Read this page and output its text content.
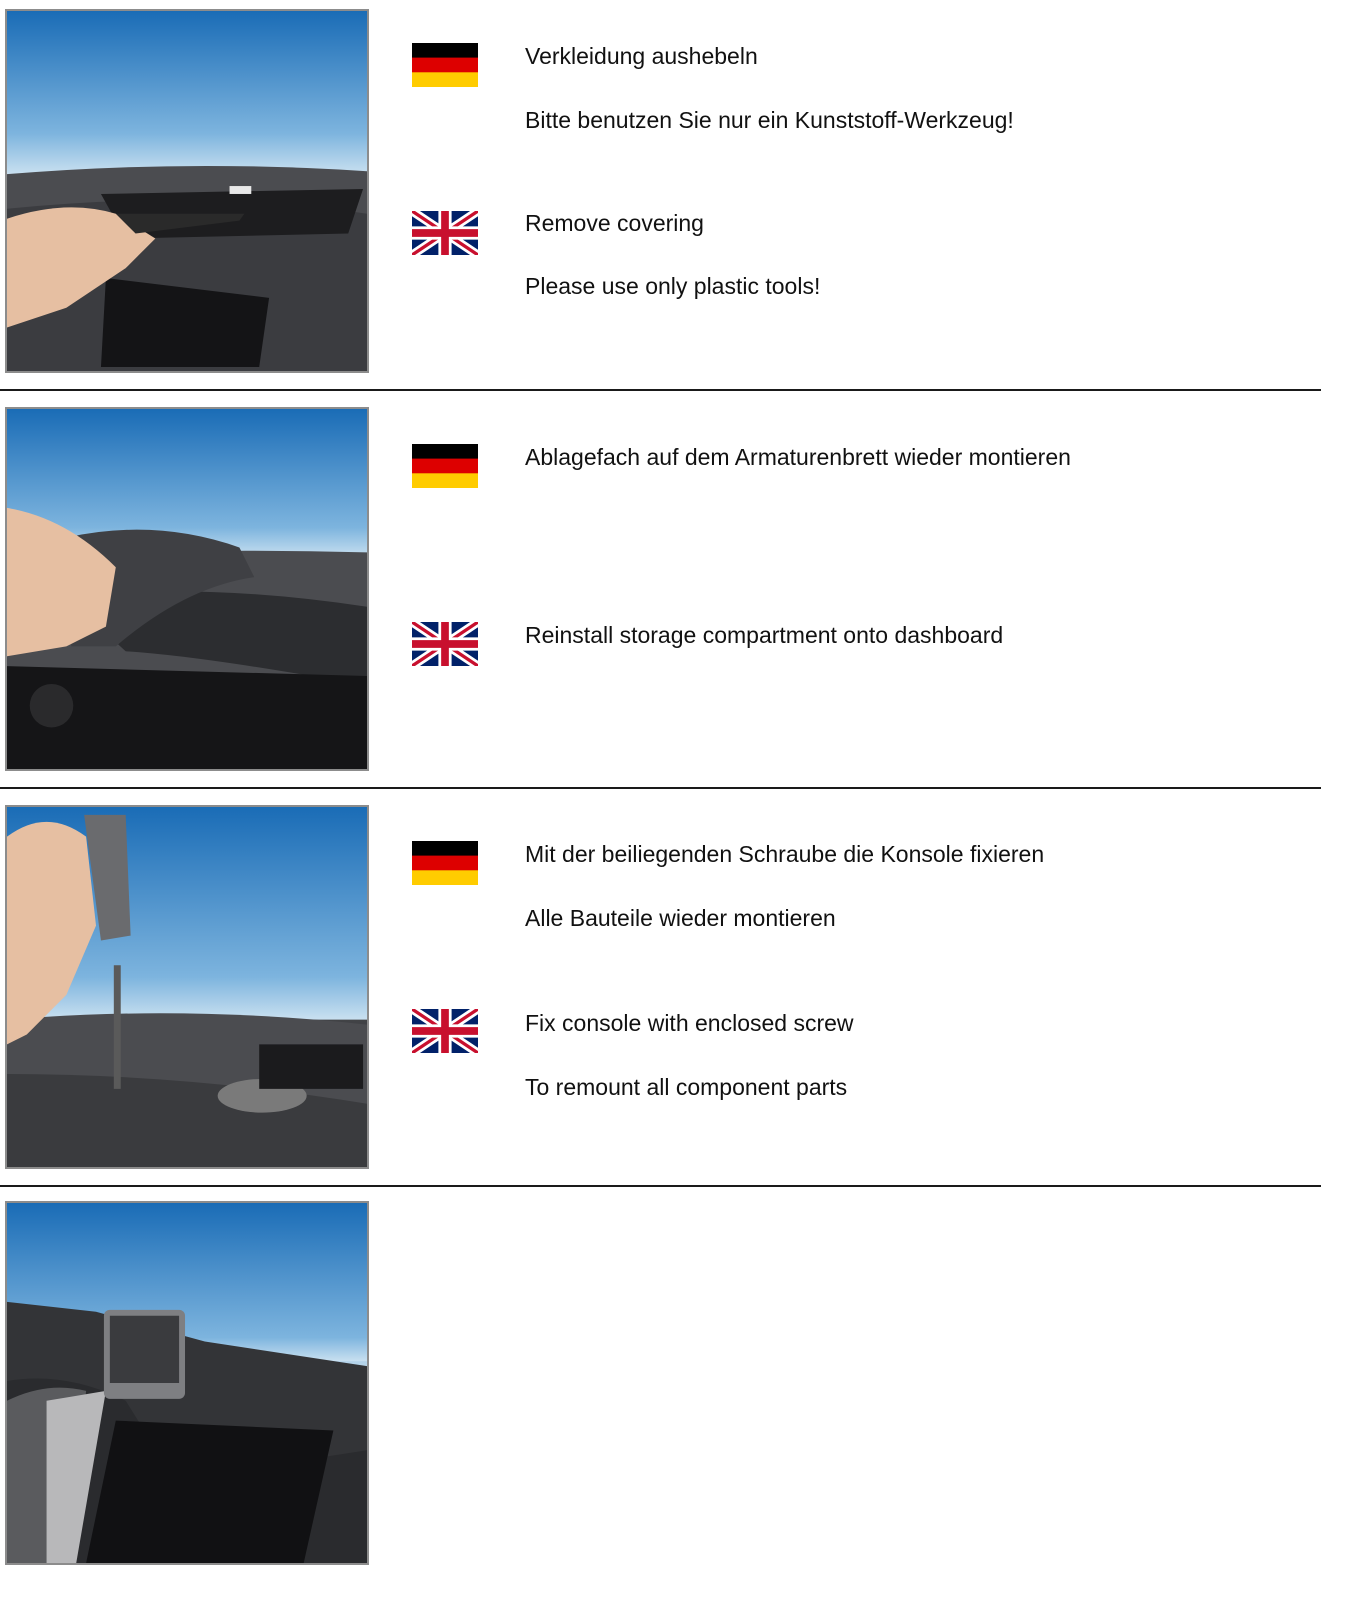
Verkleidung aushebeln
Bitte benutzen Sie nur ein Kunststoff-Werkzeug!
Remove covering
Please use only plastic tools!
Ablagefach auf dem Armaturenbrett wieder montieren
Reinstall storage compartment onto dashboard
Mit der beiliegenden Schraube die Konsole fixieren
Alle Bauteile wieder montieren
Fix console with enclosed screw
To remount all component parts
